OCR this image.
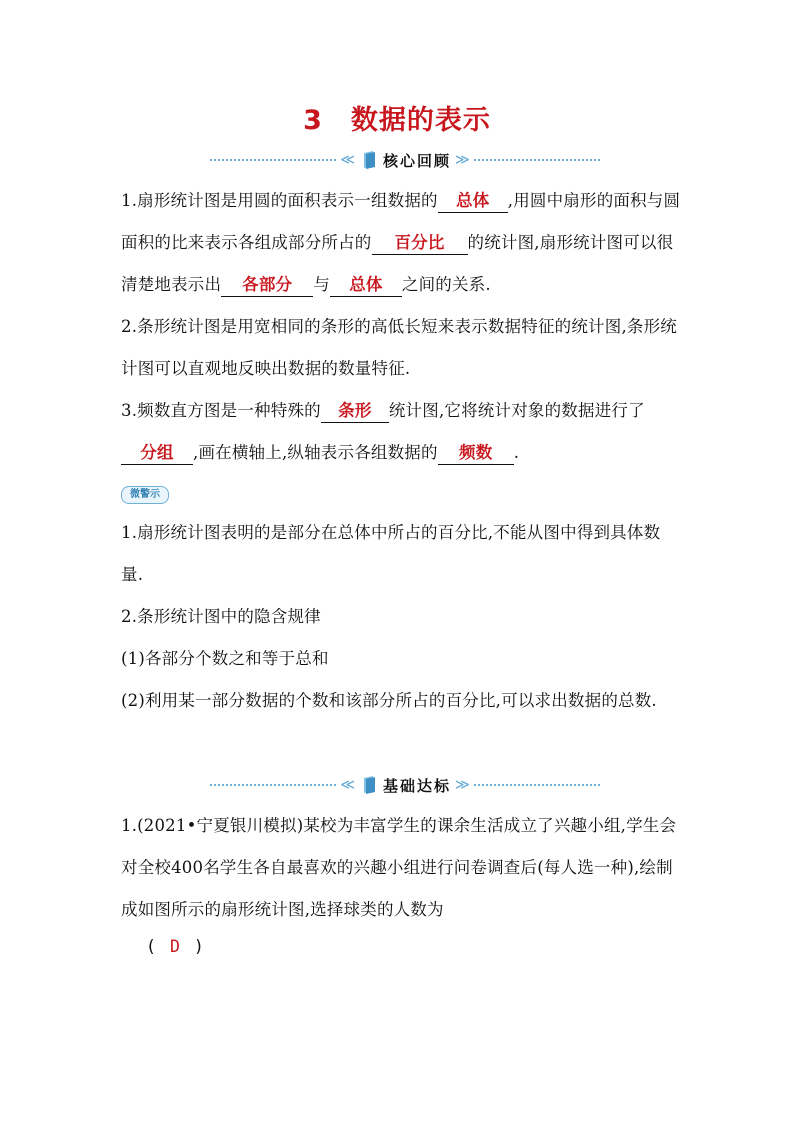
3 数据的表示
≪ 核心回顾 ≫
1.扇形统计图是用圆的面积表示一组数据的 总体 ,用圆中扇形的面积与圆面积的比来表示各组成部分所占的 百分比 的统计图,扇形统计图可以很清楚地表示出 各部分 与 总体 之间的关系.
2.条形统计图是用宽相同的条形的高低长短来表示数据特征的统计图,条形统计图可以直观地反映出数据的数量特征.
3.频数直方图是一种特殊的 条形 统计图,它将统计对象的数据进行了分组 ,画在横轴上,纵轴表示各组数据的 频数 .
微警示
1.扇形统计图表明的是部分在总体中所占的百分比,不能从图中得到具体数量.
2.条形统计图中的隐含规律
(1)各部分个数之和等于总和
(2)利用某一部分数据的个数和该部分所占的百分比,可以求出数据的总数.
≪ 基础达标 ≫
1.(2021•宁夏银川模拟)某校为丰富学生的课余生活成立了兴趣小组,学生会对全校400名学生各自最喜欢的兴趣小组进行问卷调查后(每人选一种),绘制成如图所示的扇形统计图,选择球类的人数为
( D )
